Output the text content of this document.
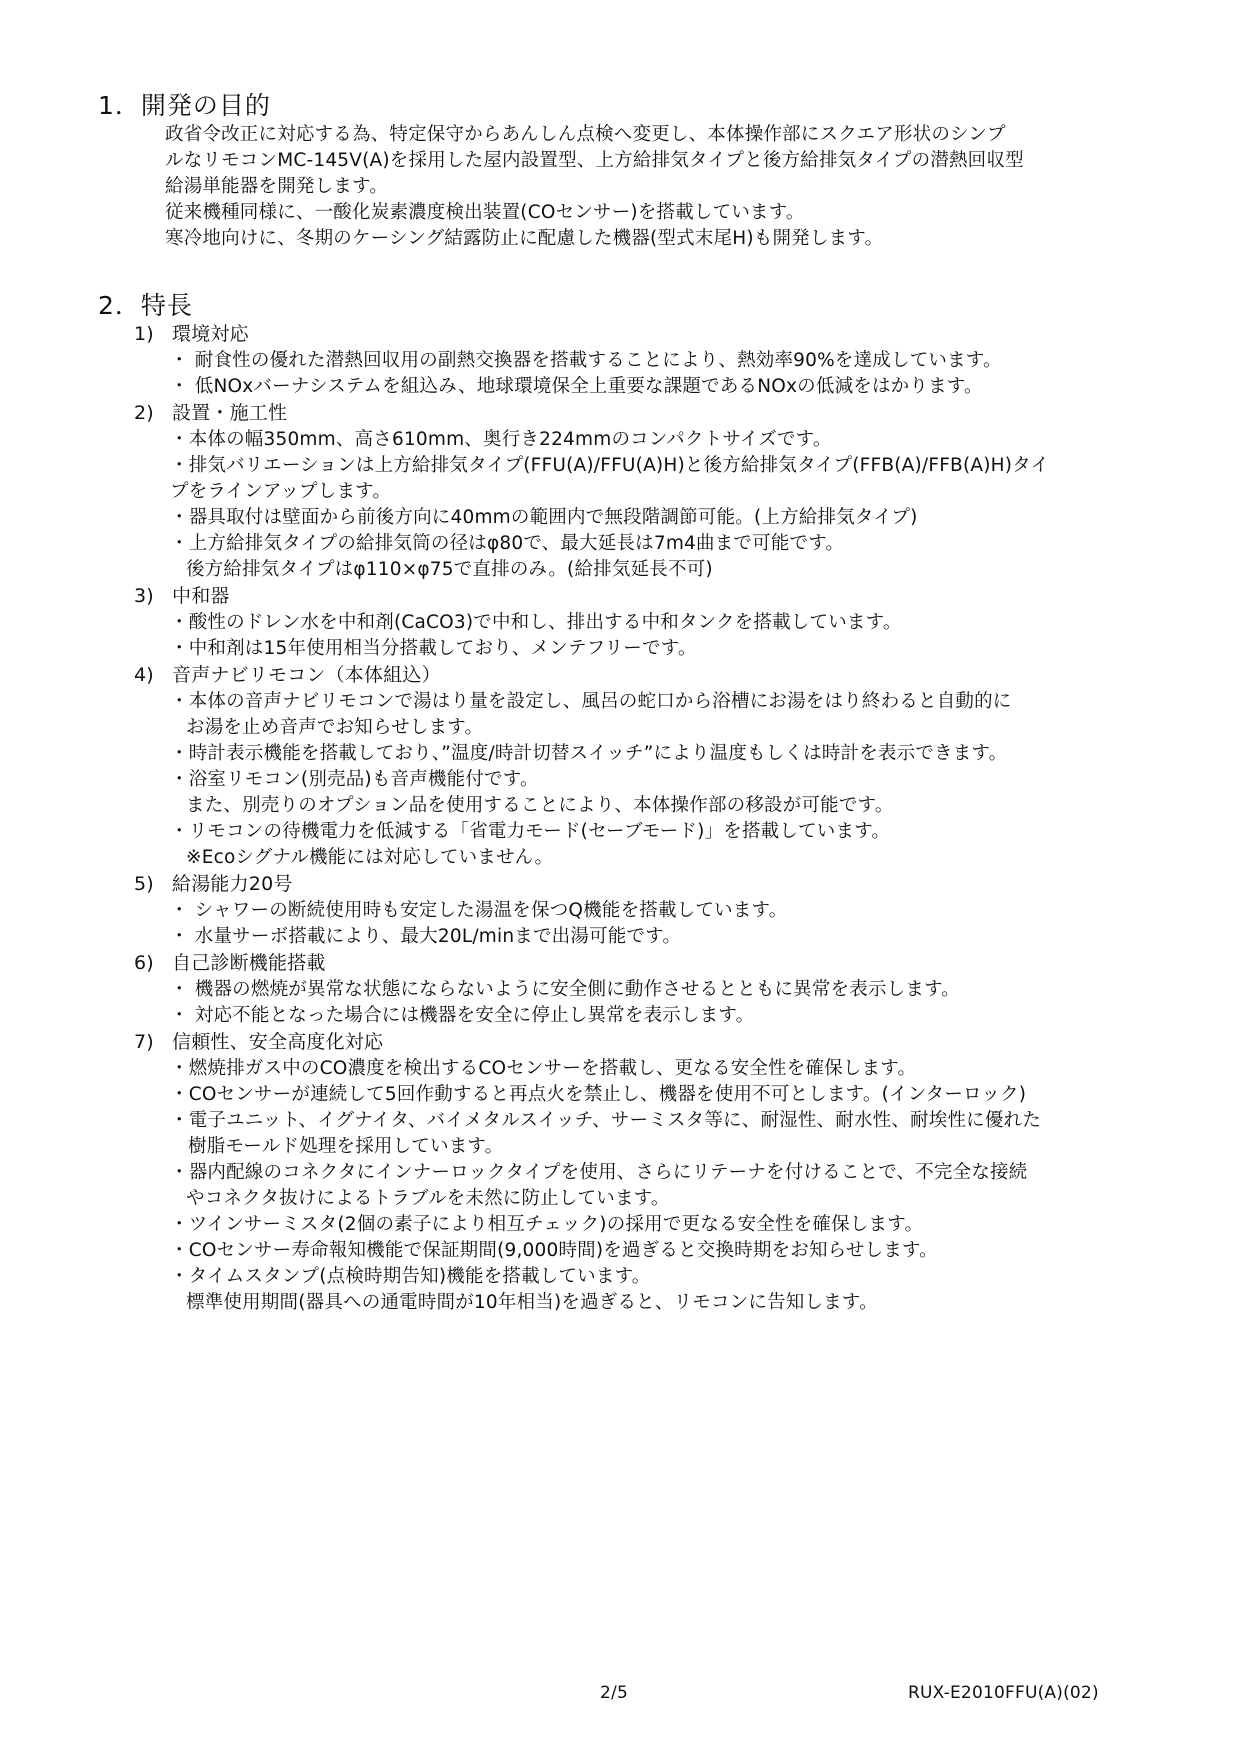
1．開発の目的
政省令改正に対応する為、特定保守からあんしん点検へ変更し、本体操作部にスクエア形状のシンプ
ルなリモコンMC-145V(A)を採用した屋内設置型、上方給排気タイプと後方給排気タイプの潜熱回収型
給湯単能器を開発します。
従来機種同様に、一酸化炭素濃度検出装置(COセンサー)を搭載しています。
寒冷地向けに、冬期のケーシング結露防止に配慮した機器(型式末尾H)も開発します。
2．特長
1) 環境対応
・ 耐食性の優れた潜熱回収用の副熱交換器を搭載することにより、熱効率90%を達成しています。
・ 低NOxバーナシステムを組込み、地球環境保全上重要な課題であるNOxの低減をはかります。
2) 設置・施工性
・本体の幅350mm、高さ610mm、奥行き224mmのコンパクトサイズです。
・排気バリエーションは上方給排気タイプ(FFU(A)/FFU(A)H)と後方給排気タイプ(FFB(A)/FFB(A)H)タイ
プをラインアップします。
・器具取付は壁面から前後方向に40mmの範囲内で無段階調節可能。(上方給排気タイプ)
・上方給排気タイプの給排気筒の径はφ80で、最大延長は7m4曲まで可能です。
後方給排気タイプはφ110×φ75で直排のみ。(給排気延長不可)
3) 中和器
・酸性のドレン水を中和剤(CaCO3)で中和し、排出する中和タンクを搭載しています。
・中和剤は15年使用相当分搭載しており、メンテフリーです。
4) 音声ナビリモコン（本体組込）
・本体の音声ナビリモコンで湯はり量を設定し、風呂の蛇口から浴槽にお湯をはり終わると自動的に
お湯を止め音声でお知らせします。
・時計表示機能を搭載しており、”温度/時計切替スイッチ”により温度もしくは時計を表示できます。
・浴室リモコン(別売品)も音声機能付です。
また、別売りのオプション品を使用することにより、本体操作部の移設が可能です。
・リモコンの待機電力を低減する「省電力モード(セーブモード)」を搭載しています。
※Ecoシグナル機能には対応していません。
5) 給湯能力20号
・ シャワーの断続使用時も安定した湯温を保つQ機能を搭載しています。
・ 水量サーボ搭載により、最大20L/minまで出湯可能です。
6) 自己診断機能搭載
・ 機器の燃焼が異常な状態にならないように安全側に動作させるとともに異常を表示します。
・ 対応不能となった場合には機器を安全に停止し異常を表示します。
7) 信頼性、安全高度化対応
・燃焼排ガス中のCO濃度を検出するCOセンサーを搭載し、更なる安全性を確保します。
・COセンサーが連続して5回作動すると再点火を禁止し、機器を使用不可とします。(インターロック)
・電子ユニット、イグナイタ、バイメタルスイッチ、サーミスタ等に、耐湿性、耐水性、耐埃性に優れた
樹脂モールド処理を採用しています。
・器内配線のコネクタにインナーロックタイプを使用、さらにリテーナを付けることで、不完全な接続
やコネクタ抜けによるトラブルを未然に防止しています。
・ツインサーミスタ(2個の素子により相互チェック)の採用で更なる安全性を確保します。
・COセンサー寿命報知機能で保証期間(9,000時間)を過ぎると交換時期をお知らせします。
・タイムスタンプ(点検時期告知)機能を搭載しています。
標準使用期間(器具への通電時間が10年相当)を過ぎると、リモコンに告知します。
2/5	RUX-E2010FFU(A)(02)
